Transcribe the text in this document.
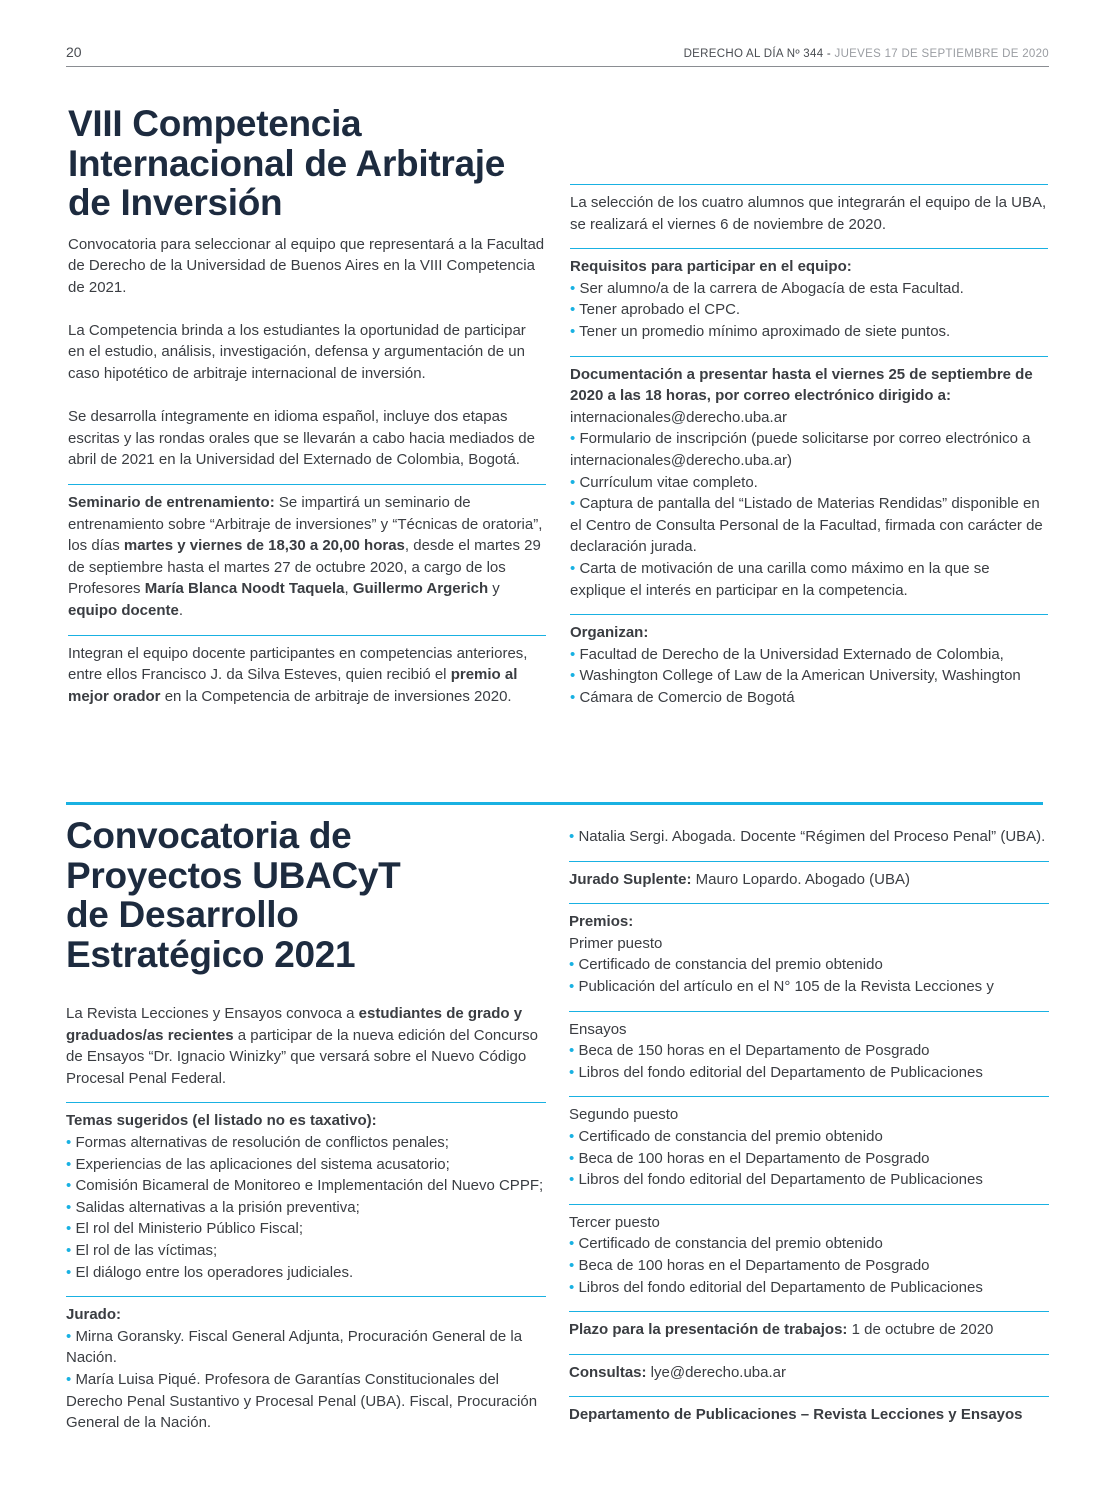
20	DERECHO AL DÍA Nº 344 - JUEVES 17 DE SEPTIEMBRE DE 2020
VIII Competencia
Internacional de Arbitraje
de Inversión

Convocatoria para seleccionar al equipo que representará a la Facultad de Derecho de la Universidad de Buenos Aires en la VIII Competencia de 2021.

La Competencia brinda a los estudiantes la oportunidad de participar en el estudio, análisis, investigación, defensa y argumentación de un caso hipotético de arbitraje internacional de inversión.

Se desarrolla íntegramente en idioma español, incluye dos etapas escritas y las rondas orales que se llevarán a cabo hacia mediados de abril de 2021 en la Universidad del Externado de Colombia, Bogotá.

Seminario de entrenamiento: Se impartirá un seminario de entrenamiento sobre “Arbitraje de inversiones” y “Técnicas de oratoria”, los días martes y viernes de 18,30 a 20,00 horas, desde el martes 29 de septiembre hasta el martes 27 de octubre 2020, a cargo de los Profesores María Blanca Noodt Taquela, Guillermo Argerich y equipo docente.

Integran el equipo docente participantes en competencias anteriores, entre ellos Francisco J. da Silva Esteves, quien recibió el premio al mejor orador en la Competencia de arbitraje de inversiones 2020.

La selección de los cuatro alumnos que integrarán el equipo de la UBA, se realizará el viernes 6 de noviembre de 2020.

Requisitos para participar en el equipo:

• Ser alumno/a de la carrera de Abogacía de esta Facultad.

• Tener aprobado el CPC.

• Tener un promedio mínimo aproximado de siete puntos.

Documentación a presentar hasta el viernes 25 de septiembre de 2020 a las 18 horas, por correo electrónico dirigido a:

internacionales@derecho.uba.ar

• Formulario de inscripción (puede solicitarse por correo electrónico a internacionales@derecho.uba.ar)

• Currículum vitae completo.

• Captura de pantalla del “Listado de Materias Rendidas” disponible en el Centro de Consulta Personal de la Facultad, firmada con carácter de declaración jurada.

• Carta de motivación de una carilla como máximo en la que se explique el interés en participar en la competencia.

Organizan:

• Facultad de Derecho de la Universidad Externado de Colombia,

• Washington College of Law de la American University, Washington

• Cámara de Comercio de Bogotá

Convocatoria de
Proyectos UBACyT
de Desarrollo
Estratégico 2021

La Revista Lecciones y Ensayos convoca a estudiantes de grado y graduados/as recientes a participar de la nueva edición del Concurso de Ensayos “Dr. Ignacio Winizky” que versará sobre el Nuevo Código Procesal Penal Federal.

Temas sugeridos (el listado no es taxativo):

• Formas alternativas de resolución de conflictos penales;

• Experiencias de las aplicaciones del sistema acusatorio;

• Comisión Bicameral de Monitoreo e Implementación del Nuevo CPPF;

• Salidas alternativas a la prisión preventiva;

• El rol del Ministerio Público Fiscal;

• El rol de las víctimas;

• El diálogo entre los operadores judiciales.

Jurado:

• Mirna Goransky. Fiscal General Adjunta, Procuración General de la Nación.

• María Luisa Piqué. Profesora de Garantías Constitucionales del Derecho Penal Sustantivo y Procesal Penal (UBA). Fiscal, Procuración General de la Nación.

• Natalia Sergi. Abogada. Docente “Régimen del Proceso Penal” (UBA).

Jurado Suplente: Mauro Lopardo. Abogado (UBA)

Premios:

Primer puesto

• Certificado de constancia del premio obtenido

• Publicación del artículo en el N° 105 de la Revista Lecciones y

Ensayos

• Beca de 150 horas en el Departamento de Posgrado

• Libros del fondo editorial del Departamento de Publicaciones

Segundo puesto

• Certificado de constancia del premio obtenido

• Beca de 100 horas en el Departamento de Posgrado

• Libros del fondo editorial del Departamento de Publicaciones

Tercer puesto

• Certificado de constancia del premio obtenido

• Beca de 100 horas en el Departamento de Posgrado

• Libros del fondo editorial del Departamento de Publicaciones

Plazo para la presentación de trabajos: 1 de octubre de 2020

Consultas: lye@derecho.uba.ar

Departamento de Publicaciones – Revista Lecciones y Ensayos
